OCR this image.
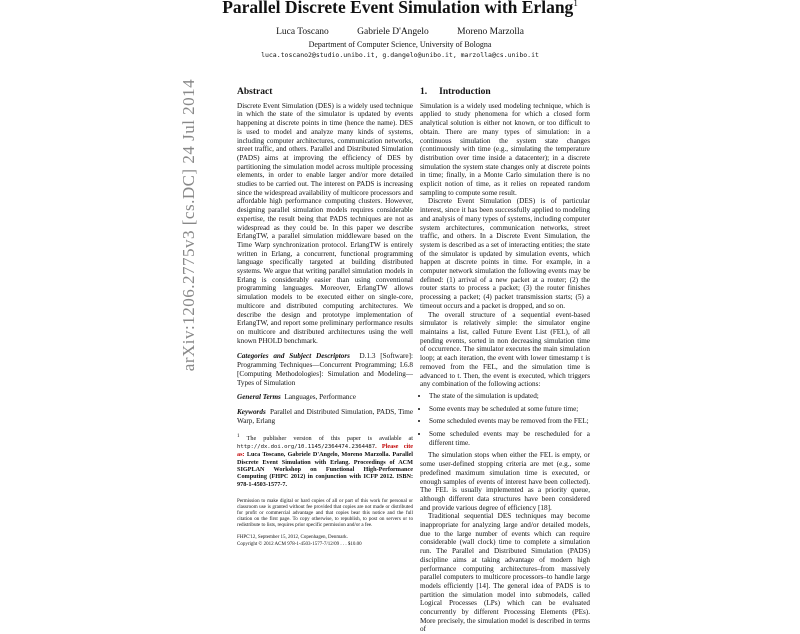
arXiv:1206.2775v3 [cs.DC] 24 Jul 2014
Parallel Discrete Event Simulation with Erlang$^1$
Luca Toscano	Gabriele D'Angelo	Moreno Marzolla
Department of Computer Science, University of Bologna
luca.toscano2@studio.unibo.it, g.dangelo@unibo.it, marzolla@cs.unibo.it
Abstract

Discrete Event Simulation (DES) is a widely used technique in which the state of the simulator is updated by events happening at discrete points in time (hence the name). DES is used to model and analyze many kinds of systems, including computer architectures, communication networks, street traffic, and others. Parallel and Distributed Simulation (PADS) aims at improving the efficiency of DES by partitioning the simulation model across multiple processing elements, in order to enable larger and/or more detailed studies to be carried out. The interest on PADS is increasing since the widespread availability of multicore processors and affordable high performance computing clusters. However, designing parallel simulation models requires considerable expertise, the result being that PADS techniques are not as widespread as they could be. In this paper we describe ErlangTW, a parallel simulation middleware based on the Time Warp synchronization protocol. ErlangTW is entirely written in Erlang, a concurrent, functional programming language specifically targeted at building distributed systems. We argue that writing parallel simulation models in Erlang is considerably easier than using conventional programming languages. Moreover, ErlangTW allows simulation models to be executed either on single-core, multicore and distributed computing architectures. We describe the design and prototype implementation of ErlangTW, and report some preliminary performance results on multicore and distributed architectures using the well known PHOLD benchmark.

Categories and Subject Descriptors D.1.3 [Software]: Programming Techniques—Concurrent Programming; I.6.8 [Computing Methodologies]: Simulation and Modeling—Types of Simulation

General Terms Languages, Performance

Keywords Parallel and Distributed Simulation, PADS, Time Warp, Erlang

$^1$ The publisher version of this paper is available at http://dx.doi.org/10.1145/2364474.2364487. Please cite as: Luca Toscano, Gabriele D'Angelo, Moreno Marzolla. Parallel Discrete Event Simulation with Erlang. Proceedings of ACM SIGPLAN Workshop on Functional High-Performance Computing (FHPC 2012) in conjunction with ICFP 2012. ISBN: 978-1-4503-1577-7.

Permission to make digital or hard copies of all or part of this work for personal or classroom use is granted without fee provided that copies are not made or distributed for profit or commercial advantage and that copies bear this notice and the full citation on the first page. To copy otherwise, to republish, to post on servers or to redistribute to lists, requires prior specific permission and/or a fee.

FHPC'12, September 15, 2012, Copenhagen, Denmark.
Copyright © 2012 ACM 978-1-4503-1577-7/12/09 . . . $10.00

1. Introduction

Simulation is a widely used modeling technique, which is applied to study phenomena for which a closed form analytical solution is either not known, or too difficult to obtain. There are many types of simulation: in a continuous simulation the system state changes (continuously with time (e.g., simulating the temperature distribution over time inside a datacenter); in a discrete simulation the system state changes only at discrete points in time; finally, in a Monte Carlo simulation there is no explicit notion of time, as it relies on repeated random sampling to compute some result.

Discrete Event Simulation (DES) is of particular interest, since it has been successfully applied to modeling and analysis of many types of systems, including computer system architectures, communication networks, street traffic, and others. In a Discrete Event Simulation, the system is described as a set of interacting entities; the state of the simulator is updated by simulation events, which happen at discrete points in time. For example, in a computer network simulation the following events may be defined: (1) arrival of a new packet at a router; (2) the router starts to process a packet; (3) the router finishes processing a packet; (4) packet transmission starts; (5) a timeout occurs and a packet is dropped, and so on.

The overall structure of a sequential event-based simulator is relatively simple: the simulator engine maintains a list, called Future Event List (FEL), of all pending events, sorted in non decreasing simulation time of occurrence. The simulator executes the main simulation loop; at each iteration, the event with lower timestamp t is removed from the FEL, and the simulation time is advanced to t. Then, the event is executed, which triggers any combination of the following actions:

• The state of the simulation is updated;
• Some events may be scheduled at some future time;
• Some scheduled events may be removed from the FEL;
• Some scheduled events may be rescheduled for a different time.

The simulation stops when either the FEL is empty, or some user-defined stopping criteria are met (e.g., some predefined maximum simulation time is executed, or enough samples of events of interest have been collected). The FEL is usually implemented as a priority queue, although different data structures have been considered and provide various degree of efficiency [18].

Traditional sequential DES techniques may become inappropriate for analyzing large and/or detailed models, due to the large number of events which can require considerable (wall clock) time to complete a simulation run. The Parallel and Distributed Simulation (PADS) discipline aims at taking advantage of modern high performance computing architectures–from massively parallel computers to multicore processors–to handle large models efficiently [14]. The general idea of PADS is to partition the simulation model into submodels, called Logical Processes (LPs) which can be evaluated concurrently by different Processing Elements (PEs). More precisely, the simulation model is described in terms of
